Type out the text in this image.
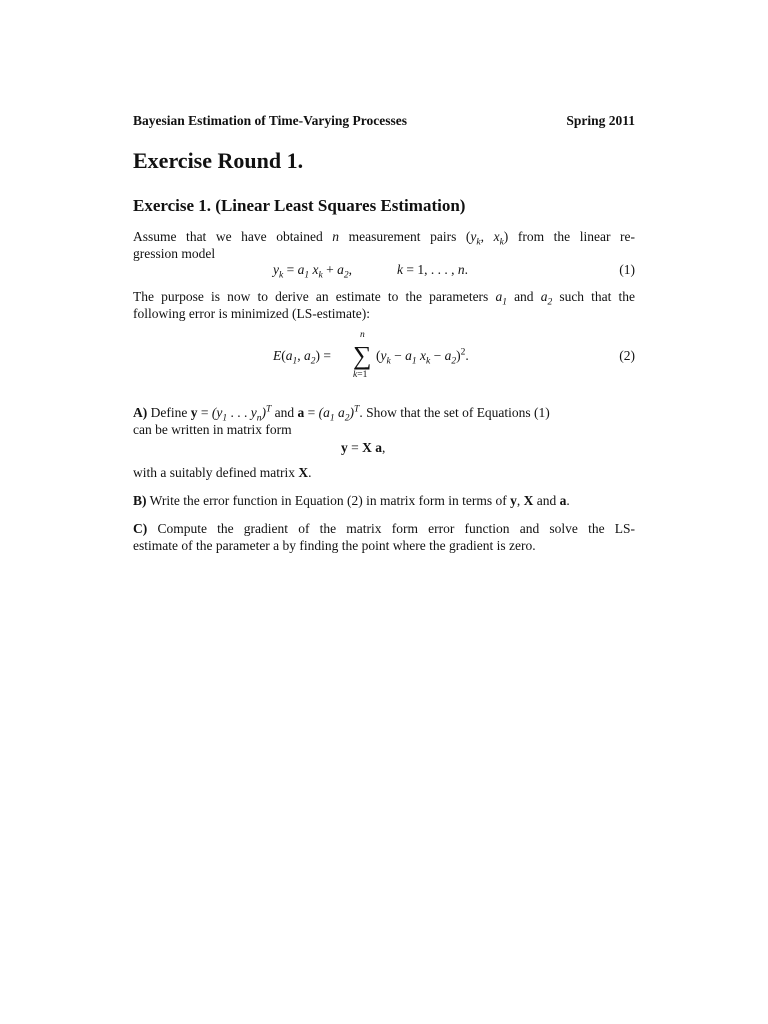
Bayesian Estimation of Time-Varying Processes	Spring 2011
Exercise Round 1.
Exercise 1. (Linear Least Squares Estimation)
Assume that we have obtained n measurement pairs ($y_k$, $x_k$) from the linear re-
gression model
$y_k = a_1$ $x_k + a_2$,	k = 1, . . . , n.	(1)
The purpose is now to derive an estimate to the parameters $a_1$ and $a_2$ such that the
following error is minimized (LS-estimate):
$E(a_1$, $a_2$) =
n
∑
k=1
($y_k - a_1$ $x_k - a_2)^2$.	(2)
A) Define $y = (y_1$ . . . $y_n)^T$ and $a = (a_1$ $a_2)^T$. Show that the set of Equations (1)
can be written in matrix form
y = X a,
with a suitably defined matrix X.
B) Write the error function in Equation (2) in matrix form in terms of y, X and a.
C) Compute the gradient of the matrix form error function and solve the LS-
estimate of the parameter a by finding the point where the gradient is zero.
